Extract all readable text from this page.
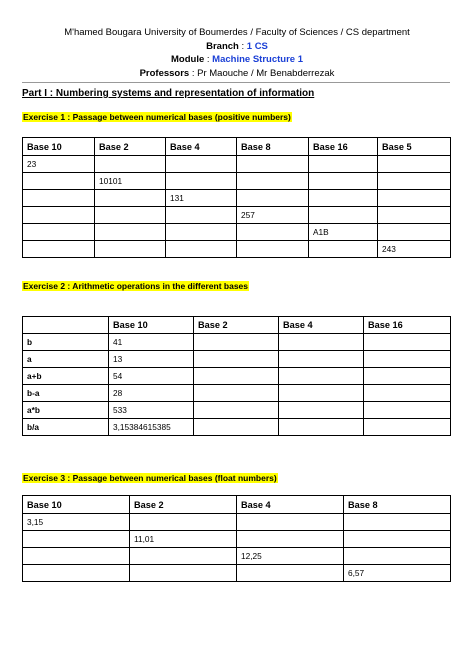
M'hamed Bougara University of Boumerdes / Faculty of Sciences / CS department
Branch : 1 CS
Module : Machine Structure 1
Professors : Pr Maouche / Mr Benabderrezak
Part I : Numbering systems and representation of information
Exercise 1 : Passage between numerical bases (positive numbers)
Base 10	Base 2	Base 4	Base 8	Base 16	Base 5
23					
	10101				
		131			
			257		
				A1B	
					243
Exercise 2 : Arithmetic operations in the different bases
	Base 10	Base 2	Base 4	Base 16
b	41			
a	13			
a+b	54			
b-a	28			
a*b	533			
b/a	3,15384615385			
Exercise 3 : Passage between numerical bases (float numbers)
Base 10	Base 2	Base 4	Base 8
3,15			
	11,01		
		12,25	
			6,57
